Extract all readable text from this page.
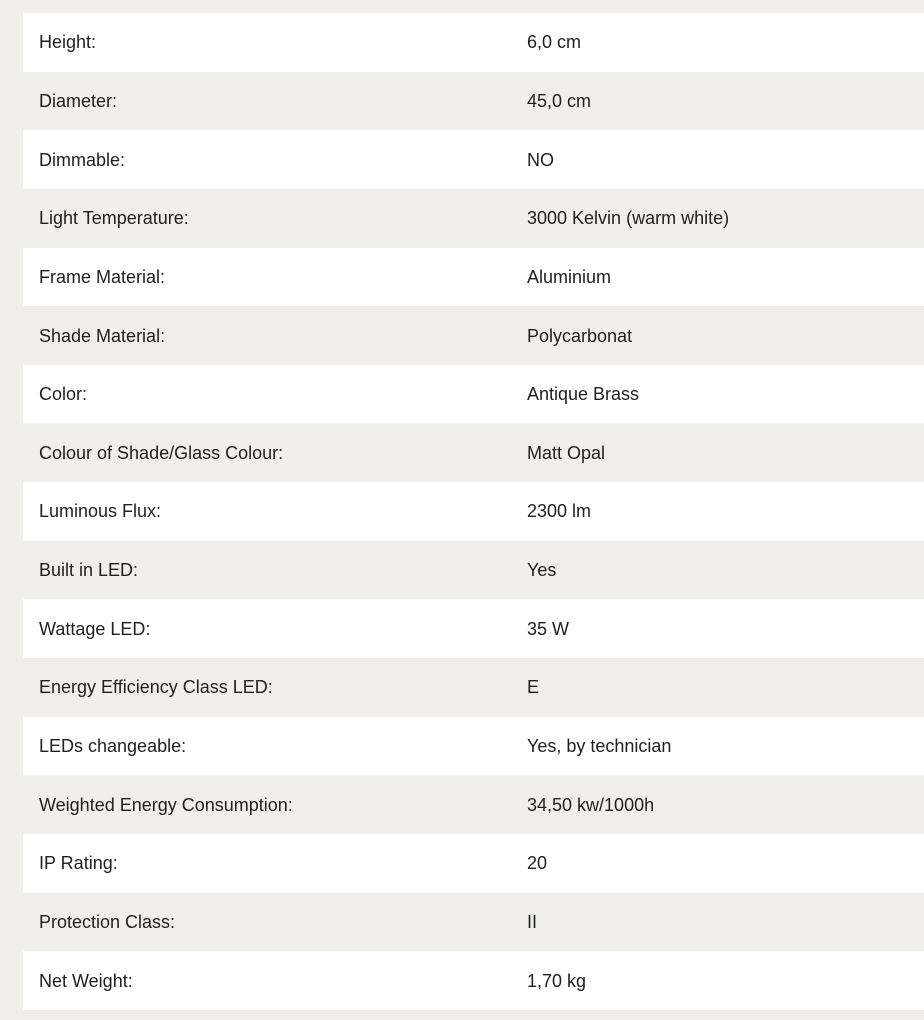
Height:	6,0 cm
Diameter:	45,0 cm
Dimmable:	NO
Light Temperature:	3000 Kelvin (warm white)
Frame Material:	Aluminium
Shade Material:	Polycarbonat
Color:	Antique Brass
Colour of Shade/Glass Colour:	Matt Opal
Luminous Flux:	2300 lm
Built in LED:	Yes
Wattage LED:	35 W
Energy Efficiency Class LED:	E
LEDs changeable:	Yes, by technician
Weighted Energy Consumption:	34,50 kw/1000h
IP Rating:	20
Protection Class:	II
Net Weight:	1,70 kg
